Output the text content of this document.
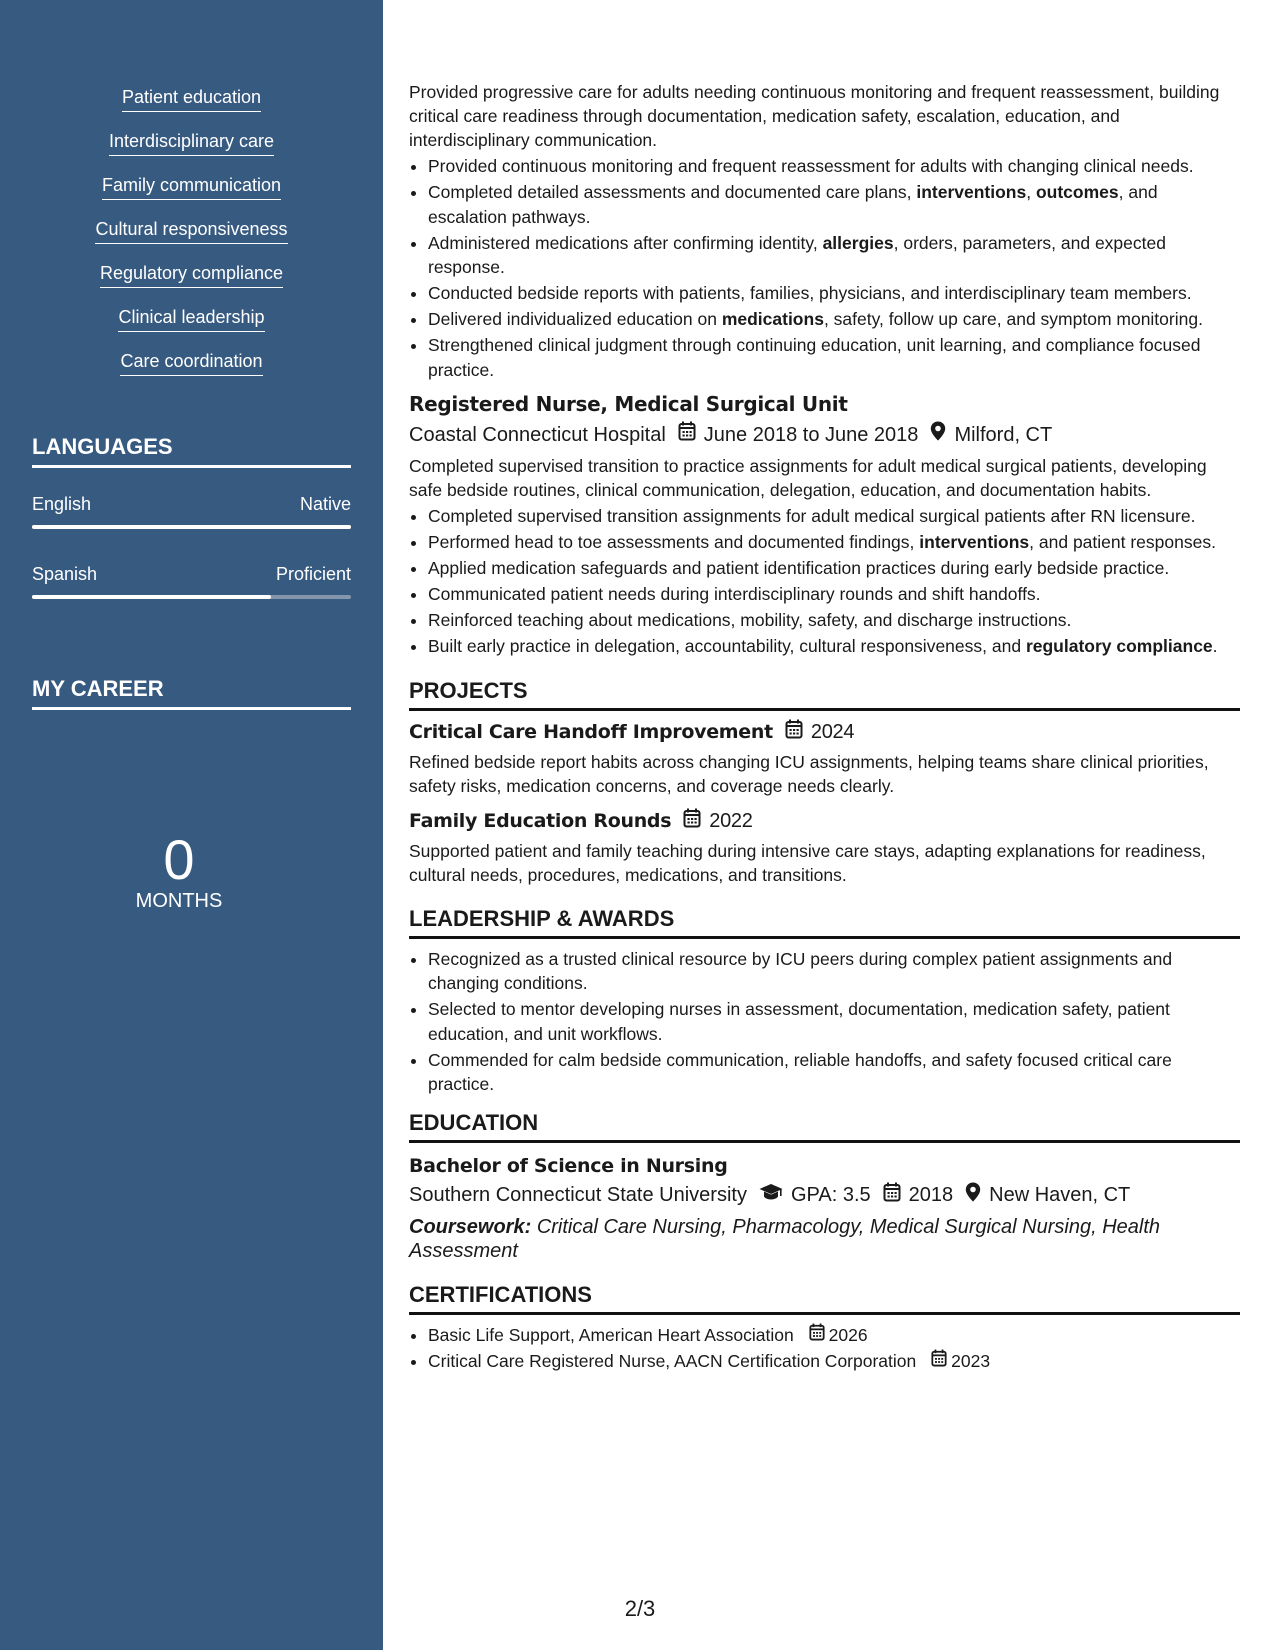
Patient education
Interdisciplinary care
Family communication
Cultural responsiveness
Regulatory compliance
Clinical leadership
Care coordination
LANGUAGES
English	Native
Spanish	Proficient
MY CAREER
0
MONTHS

Provided progressive care for adults needing continuous monitoring and frequent reassessment, building critical care readiness through documentation, medication safety, escalation, education, and interdisciplinary communication.

• Provided continuous monitoring and frequent reassessment for adults with changing clinical needs.
• Completed detailed assessments and documented care plans, interventions, outcomes, and escalation pathways.
• Administered medications after confirming identity, allergies, orders, parameters, and expected response.
• Conducted bedside reports with patients, families, physicians, and interdisciplinary team members.
• Delivered individualized education on medications, safety, follow up care, and symptom monitoring.
• Strengthened clinical judgment through continuing education, unit learning, and compliance focused practice.
Registered Nurse, Medical Surgical Unit
Coastal Connecticut Hospital June 2018 to June 2018 Milford, CT

Completed supervised transition to practice assignments for adult medical surgical patients, developing safe bedside routines, clinical communication, delegation, education, and documentation habits.

• Completed supervised transition assignments for adult medical surgical patients after RN licensure.
• Performed head to toe assessments and documented findings, interventions, and patient responses.
• Applied medication safeguards and patient identification practices during early bedside practice.
• Communicated patient needs during interdisciplinary rounds and shift handoffs.
• Reinforced teaching about medications, mobility, safety, and discharge instructions.
• Built early practice in delegation, accountability, cultural responsiveness, and regulatory compliance.
PROJECTS
Critical Care Handoff Improvement 2024

Refined bedside report habits across changing ICU assignments, helping teams share clinical priorities, safety risks, medication concerns, and coverage needs clearly.

Family Education Rounds 2022

Supported patient and family teaching during intensive care stays, adapting explanations for readiness, cultural needs, procedures, medications, and transitions.

LEADERSHIP & AWARDS
• Recognized as a trusted clinical resource by ICU peers during complex patient assignments and changing conditions.
• Selected to mentor developing nurses in assessment, documentation, medication safety, patient education, and unit workflows.
• Commended for calm bedside communication, reliable handoffs, and safety focused critical care practice.
EDUCATION
Bachelor of Science in Nursing
Southern Connecticut State University GPA: 3.5 2018 New Haven, CT
Coursework: Critical Care Nursing, Pharmacology, Medical Surgical Nursing, Health Assessment
CERTIFICATIONS
• Basic Life Support, American Heart Association 2026
• Critical Care Registered Nurse, AACN Certification Corporation 2023
2/3
